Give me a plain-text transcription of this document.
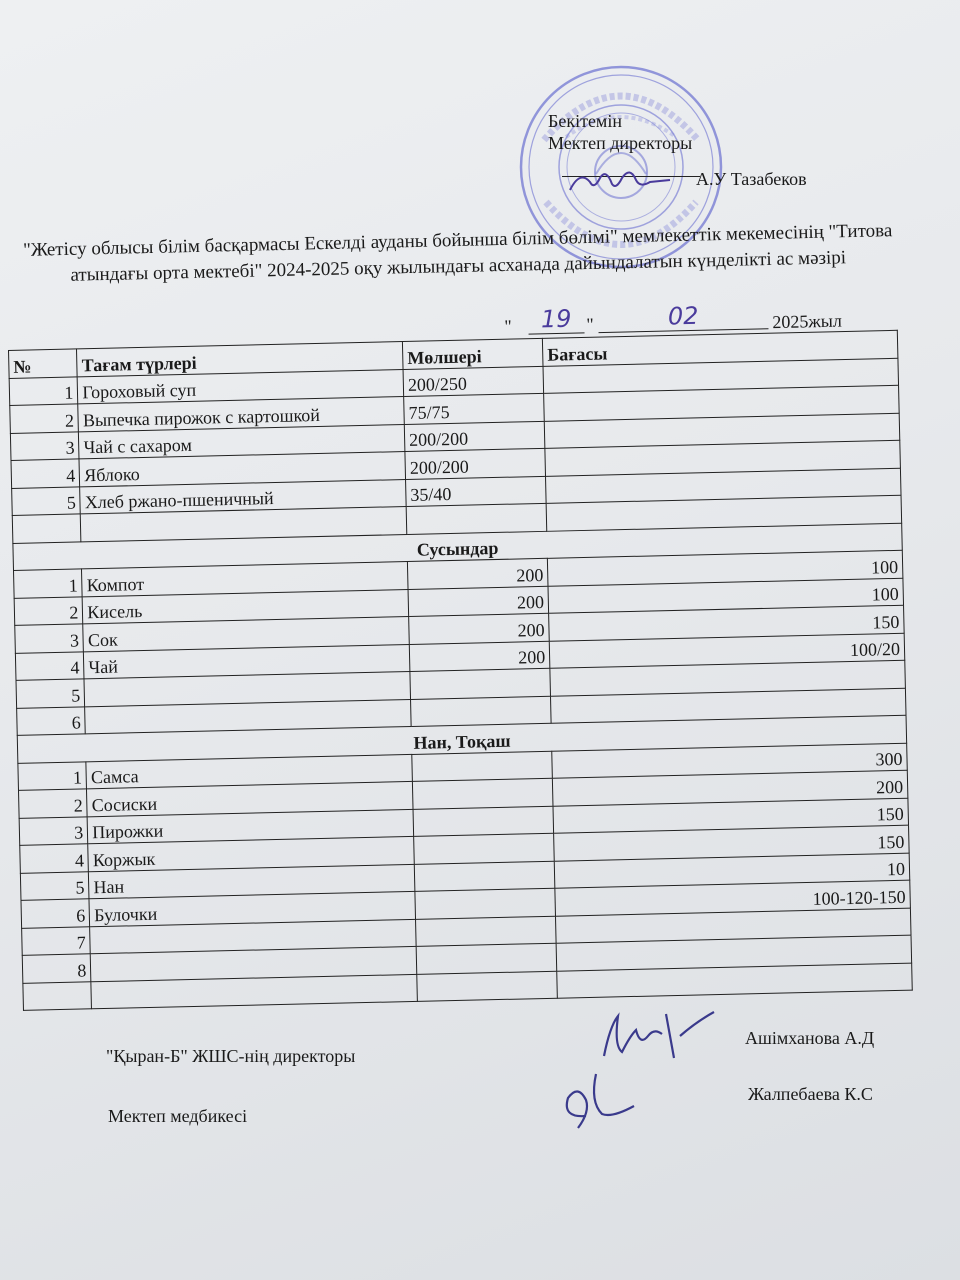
Бекітемін
Мектеп директоры
А.У Тазабеков
"Жетісу облысы білім басқармасы Ескелді ауданы бойынша білім бөлімі" мемлекеттік мекемесінің "Титова атындағы орта мектебі" 2024-2025 оқу жылындағы асханада дайындалатын күнделікті ас мәзірі
"	19 "	02	2025жыл
№	Тағам түрлері	Мөлшері	Бағасы
1	Гороховый суп	200/250	
2	Выпечка пирожок с картошкой	75/75	
3	Чай с сахаром	200/200	
4	Яблоко	200/200	
5	Хлеб ржано-пшеничный	35/40	

Сусындар			
1	Компот	200	100
2	Кисель	200	100
3	Сок	200	150
4	Чай	200	100/20
5			
6			
Нан, Тоқаш			
1	Самса		300
2	Сосиски		200
3	Пирожки		150
4	Коржык		150
5	Нан		10
6	Булочки		100-120-150
7			
8			

"Қыран-Б" ЖШС-нің директоры
Ашімханова А.Д
Мектеп медбикесі
Жалпебаева К.С
